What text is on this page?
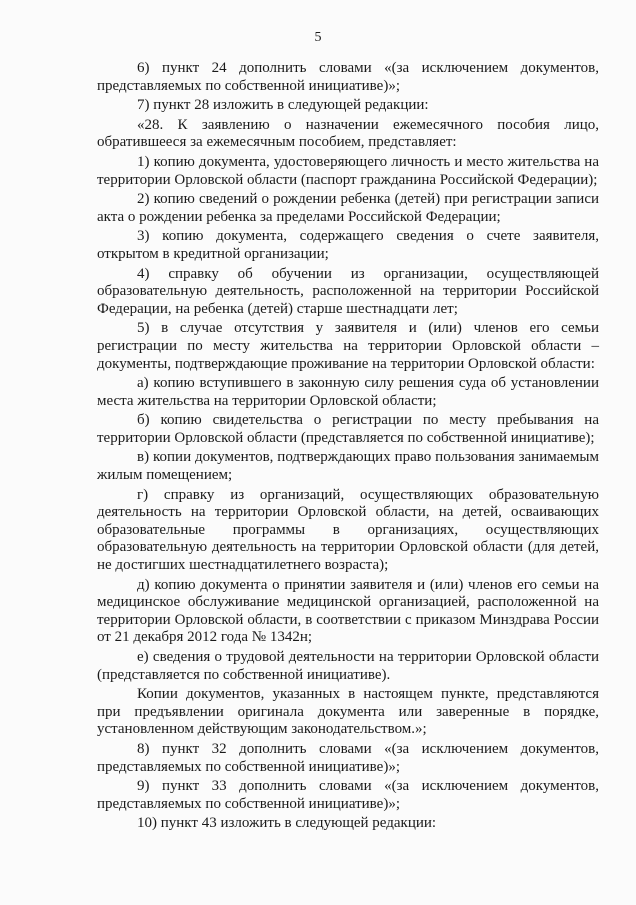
5

6) пункт 24 дополнить словами «(за исключением документов, представляемых по собственной инициативе)»;

7) пункт 28 изложить в следующей редакции:

«28. К заявлению о назначении ежемесячного пособия лицо, обратившееся за ежемесячным пособием, представляет:

1) копию документа, удостоверяющего личность и место жительства на территории Орловской области (паспорт гражданина Российской Федерации);

2) копию сведений о рождении ребенка (детей) при регистрации записи акта о рождении ребенка за пределами Российской Федерации;

3) копию документа, содержащего сведения о счете заявителя, открытом в кредитной организации;

4) справку об обучении из организации, осуществляющей образовательную деятельность, расположенной на территории Российской Федерации, на ребенка (детей) старше шестнадцати лет;

5) в случае отсутствия у заявителя и (или) членов его семьи регистрации по месту жительства на территории Орловской области – документы, подтверждающие проживание на территории Орловской области:

а) копию вступившего в законную силу решения суда об установлении места жительства на территории Орловской области;

б) копию свидетельства о регистрации по месту пребывания на территории Орловской области (представляется по собственной инициативе);

в) копии документов, подтверждающих право пользования занимаемым жилым помещением;

г) справку из организаций, осуществляющих образовательную деятельность на территории Орловской области, на детей, осваивающих образовательные программы в организациях, осуществляющих образовательную деятельность на территории Орловской области (для детей, не достигших шестнадцатилетнего возраста);

д) копию документа о принятии заявителя и (или) членов его семьи на медицинское обслуживание медицинской организацией, расположенной на территории Орловской области, в соответствии с приказом Минздрава России от 21 декабря 2012 года № 1342н;

е) сведения о трудовой деятельности на территории Орловской области (представляется по собственной инициативе).

Копии документов, указанных в настоящем пункте, представляются при предъявлении оригинала документа или заверенные в порядке, установленном действующим законодательством.»;

8) пункт 32 дополнить словами «(за исключением документов, представляемых по собственной инициативе)»;

9) пункт 33 дополнить словами «(за исключением документов, представляемых по собственной инициативе)»;

10) пункт 43 изложить в следующей редакции:
